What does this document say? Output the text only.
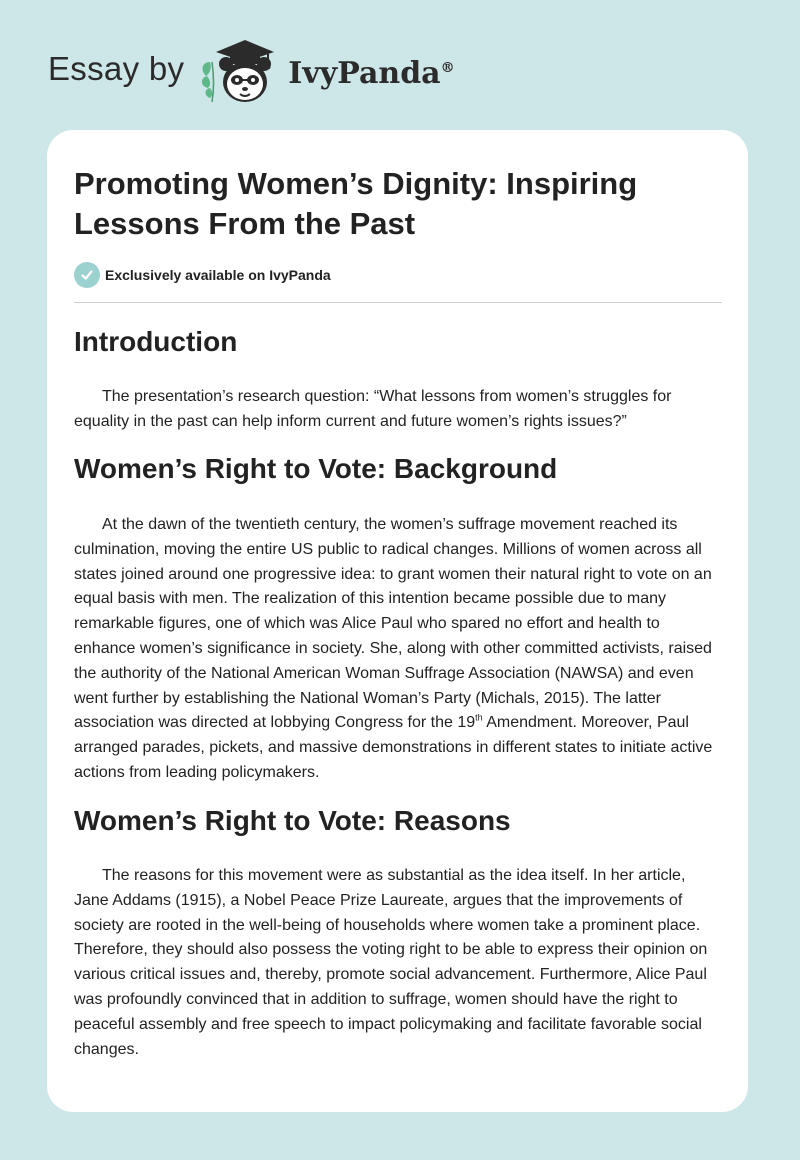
Essay by	IvyPanda®
Promoting Women’s Dignity: Inspiring Lessons From the Past
Exclusively available on IvyPanda
Introduction

The presentation’s research question: “What lessons from women’s struggles for equality in the past can help inform current and future women’s rights issues?”

Women’s Right to Vote: Background

At the dawn of the twentieth century, the women’s suffrage movement reached its culmination, moving the entire US public to radical changes. Millions of women across all states joined around one progressive idea: to grant women their natural right to vote on an equal basis with men. The realization of this intention became possible due to many remarkable figures, one of which was Alice Paul who spared no effort and health to enhance women’s significance in society. She, along with other committed activists, raised the authority of the National American Woman Suffrage Association (NAWSA) and even went further by establishing the National Woman’s Party (Michals, 2015). The latter association was directed at lobbying Congress for the 19th Amendment. Moreover, Paul arranged parades, pickets, and massive demonstrations in different states to initiate active actions from leading policymakers.

Women’s Right to Vote: Reasons

The reasons for this movement were as substantial as the idea itself. In her article, Jane Addams (1915), a Nobel Peace Prize Laureate, argues that the improvements of society are rooted in the well-being of households where women take a prominent place. Therefore, they should also possess the voting right to be able to express their opinion on various critical issues and, thereby, promote social advancement. Furthermore, Alice Paul was profoundly convinced that in addition to suffrage, women should have the right to peaceful assembly and free speech to impact policymaking and facilitate favorable social changes.
